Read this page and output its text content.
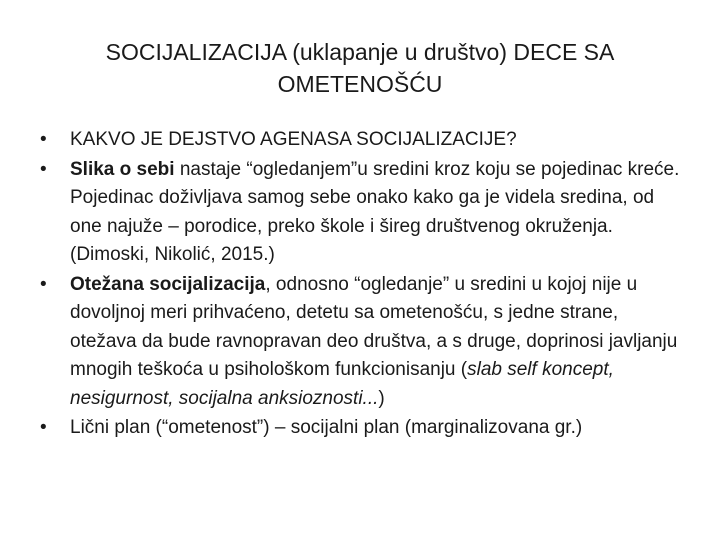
SOCIJALIZACIJA (uklapanje u društvo) DECE SA
OMETENOŠĆU
• KAKVO JE DEJSTVO AGENASA SOCIJALIZACIJE?
• Slika o sebi nastaje “ogledanjem”u sredini kroz koju se pojedinac kreće. Pojedinac doživljava samog sebe onako kako ga je videla sredina, od one najuže – porodice, preko škole i šireg društvenog okruženja. (Dimoski, Nikolić, 2015.)
• Otežana socijalizacija, odnosno “ogledanje” u sredini u kojoj nije u dovoljnoj meri prihvaćeno, detetu sa ometenošću, s jedne strane, otežava da bude ravnopravan deo društva, a s druge, doprinosi javljanju mnogih teškoća u psihološkom funkcionisanju (slab self koncept, nesigurnost, socijalna anksioznosti...)
• Lični plan (“ometenost”) – socijalni plan (marginalizovana gr.)
